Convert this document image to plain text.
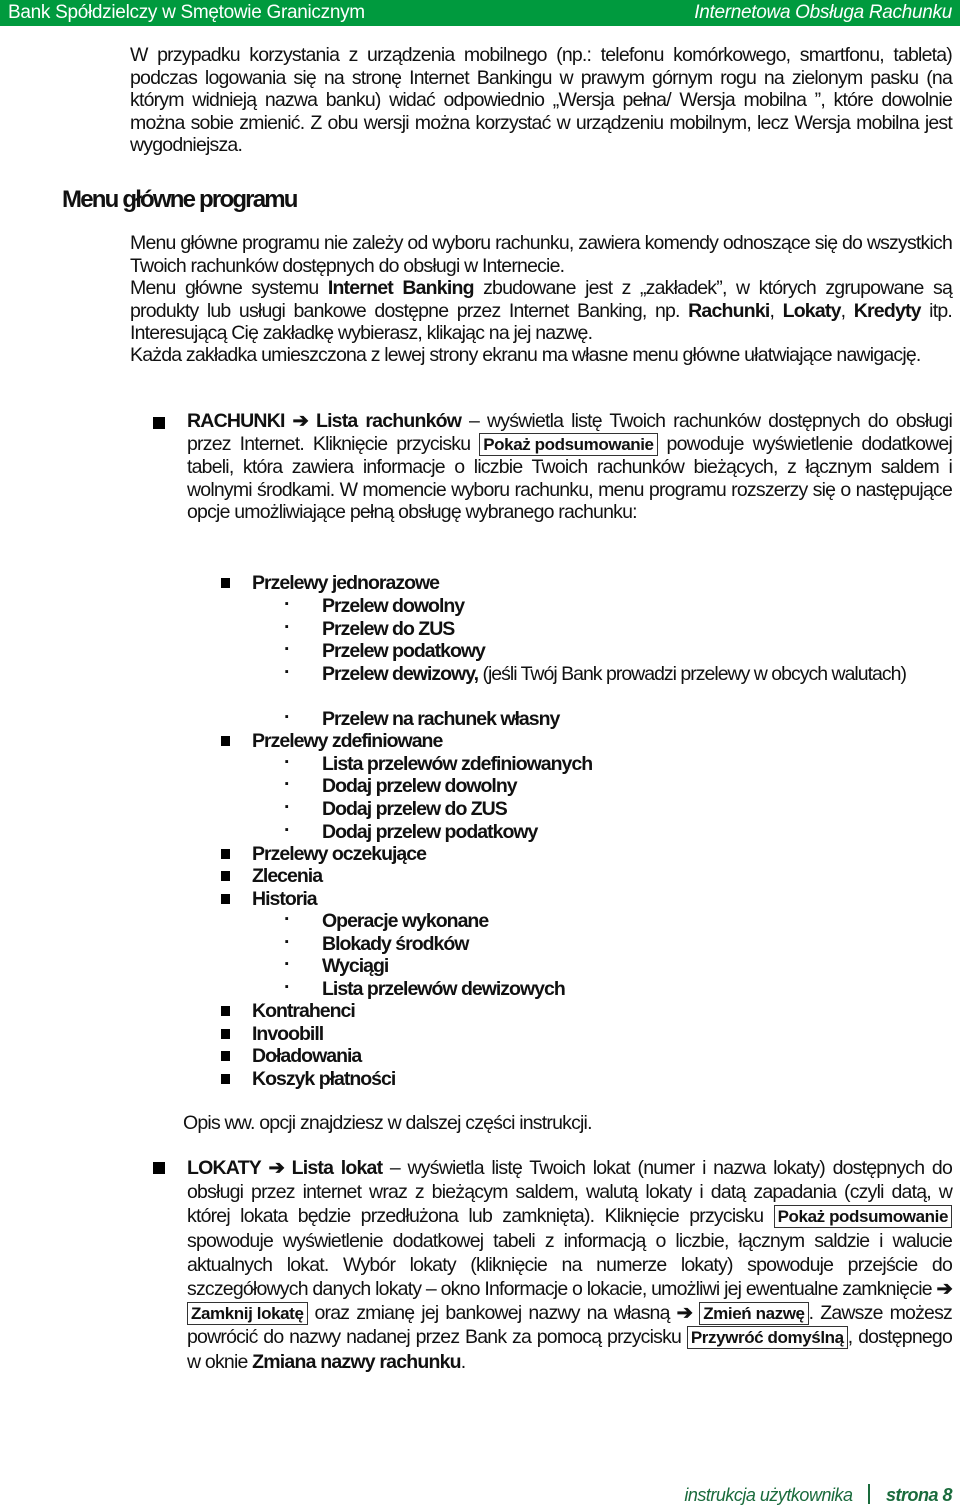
Bank Spółdzielczy w Smętowie Granicznym	Internetowa Obsługa Rachunku
W przypadku korzystania z urządzenia mobilnego (np.: telefonu komórkowego, smartfonu, tableta) podczas logowania się na stronę Internet Bankingu w prawym górnym rogu na zielonym pasku (na którym widnieją nazwa banku) widać odpowiednio „Wersja pełna/ Wersja mobilna ”, które dowolnie można sobie zmienić. Z obu wersji można korzystać w urządzeniu mobilnym, lecz Wersja mobilna jest wygodniejsza.
Menu główne programu
Menu główne programu nie zależy od wyboru rachunku, zawiera komendy odnoszące się do wszystkich Twoich rachunków dostępnych do obsługi w Internecie.
Menu główne systemu Internet Banking zbudowane jest z „zakładek”, w których zgrupowane są produkty lub usługi bankowe dostępne przez Internet Banking, np. Rachunki, Lokaty, Kredyty itp. Interesującą Cię zakładkę wybierasz, klikając na jej nazwę.
Każda zakładka umieszczona z lewej strony ekranu ma własne menu główne ułatwiające nawigację.
RACHUNKI ➔ Lista rachunków – wyświetla listę Twoich rachunków dostępnych do obsługi przez Internet. Kliknięcie przycisku Pokaż podsumowanie powoduje wyświetlenie dodatkowej tabeli, która zawiera informacje o liczbie Twoich rachunków bieżących, z łącznym saldem i wolnymi środkami. W momencie wyboru rachunku, menu programu rozszerzy się o następujące opcje umożliwiające pełną obsługę wybranego rachunku:
Przelewy jednorazowe
· Przelew dowolny
· Przelew do ZUS
· Przelew podatkowy
· Przelew dewizowy, (jeśli Twój Bank prowadzi przelewy w obcych walutach)
· Przelew na rachunek własny
Przelewy zdefiniowane
· Lista przelewów zdefiniowanych
· Dodaj przelew dowolny
· Dodaj przelew do ZUS
· Dodaj przelew podatkowy
Przelewy oczekujące
Zlecenia
Historia
· Operacje wykonane
· Blokady środków
· Wyciągi
· Lista przelewów dewizowych
Kontrahenci
Invoobill
Doładowania
Koszyk płatności
Opis ww. opcji znajdziesz w dalszej części instrukcji.
LOKATY ➔ Lista lokat – wyświetla listę Twoich lokat (numer i nazwa lokaty) dostępnych do obsługi przez internet wraz z bieżącym saldem, walutą lokaty i datą zapadania (czyli datą, w której lokata będzie przedłużona lub zamknięta). Kliknięcie przycisku Pokaż podsumowanie spowoduje wyświetlenie dodatkowej tabeli z informacją o liczbie, łącznym saldzie i walucie aktualnych lokat. Wybór lokaty (kliknięcie na numerze lokaty) spowoduje przejście do szczegółowych danych lokaty – okno Informacje o lokacie, umożliwi jej ewentualne zamknięcie ➔ Zamknij lokatę oraz zmianę jej bankowej nazwy na własną ➔ Zmień nazwę . Zawsze możesz powrócić do nazwy nadanej przez Bank za pomocą przycisku Przywróć domyślną , dostępnego w oknie Zmiana nazwy rachunku.
instrukcja użytkownika strona 8
